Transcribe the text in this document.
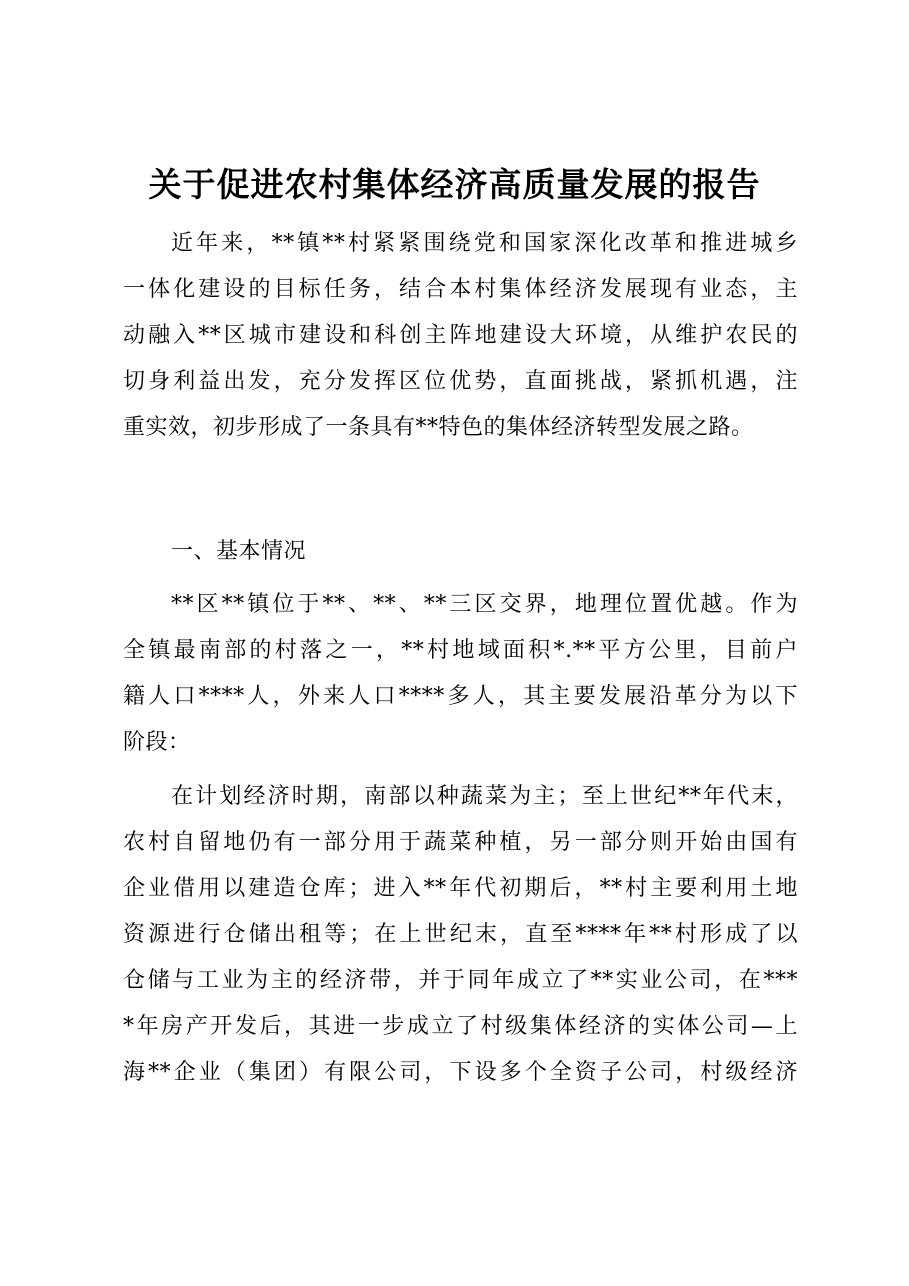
关于促进农村集体经济高质量发展的报告
近年来，**镇**村紧紧围绕党和国家深化改革和推进城乡
一体化建设的目标任务，结合本村集体经济发展现有业态，主
动融入**区城市建设和科创主阵地建设大环境，从维护农民的
切身利益出发，充分发挥区位优势，直面挑战，紧抓机遇，注
重实效，初步形成了一条具有**特色的集体经济转型发展之路。
一、基本情况
**区**镇位于**、**、**三区交界，地理位置优越。作为
全镇最南部的村落之一，**村地域面积*.**平方公里，目前户
籍人口****人，外来人口****多人，其主要发展沿革分为以下
阶段：
在计划经济时期，南部以种蔬菜为主；至上世纪**年代末，
农村自留地仍有一部分用于蔬菜种植，另一部分则开始由国有
企业借用以建造仓库；进入**年代初期后，**村主要利用土地
资源进行仓储出租等；在上世纪末，直至****年**村形成了以
仓储与工业为主的经济带，并于同年成立了**实业公司，在***
*年房产开发后，其进一步成立了村级集体经济的实体公司—上
海**企业（集团）有限公司，下设多个全资子公司，村级经济
